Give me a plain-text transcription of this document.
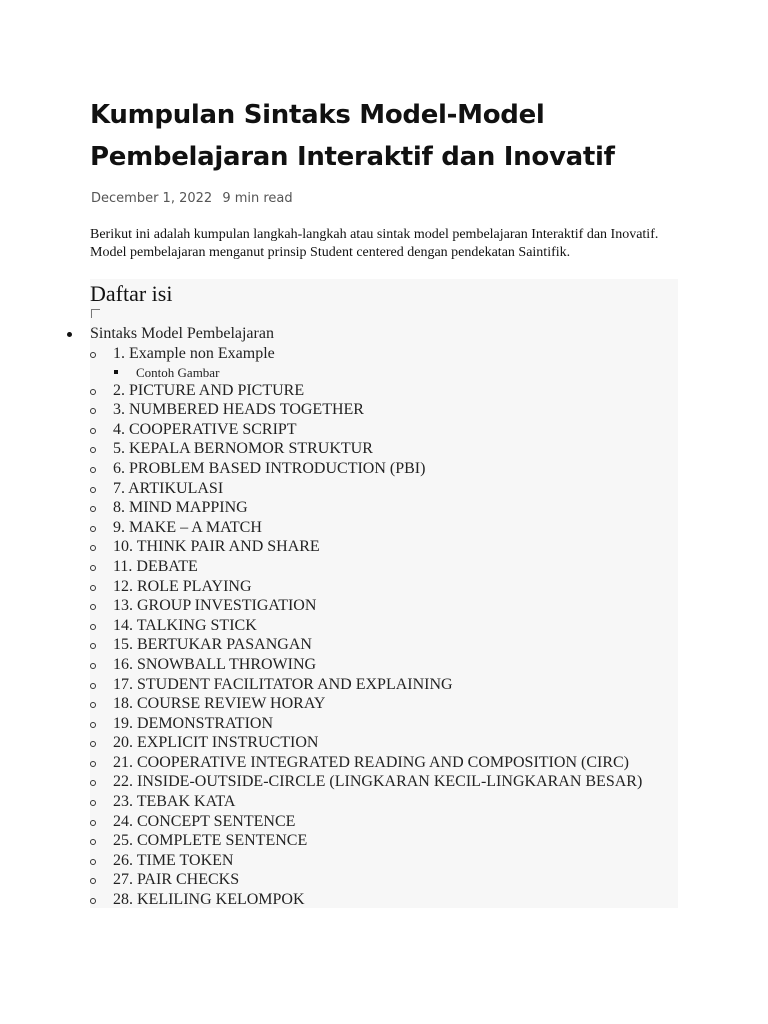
Kumpulan Sintaks Model-Model Pembelajaran Interaktif dan Inovatif
December 1, 2022 9 min read

Berikut ini adalah kumpulan langkah-langkah atau sintak model pembelajaran Interaktif dan Inovatif. Model pembelajaran menganut prinsip Student centered dengan pendekatan Saintifik.

Daftar isi
Sintaks Model Pembelajaran
1. Example non Example
Contoh Gambar
2. PICTURE AND PICTURE
3. NUMBERED HEADS TOGETHER
4. COOPERATIVE SCRIPT
5. KEPALA BERNOMOR STRUKTUR
6. PROBLEM BASED INTRODUCTION (PBI)
7. ARTIKULASI
8. MIND MAPPING
9. MAKE – A MATCH
10. THINK PAIR AND SHARE
11. DEBATE
12. ROLE PLAYING
13. GROUP INVESTIGATION
14. TALKING STICK
15. BERTUKAR PASANGAN
16. SNOWBALL THROWING
17. STUDENT FACILITATOR AND EXPLAINING
18. COURSE REVIEW HORAY
19. DEMONSTRATION
20. EXPLICIT INSTRUCTION
21. COOPERATIVE INTEGRATED READING AND COMPOSITION (CIRC)
22. INSIDE-OUTSIDE-CIRCLE (LINGKARAN KECIL-LINGKARAN BESAR)
23. TEBAK KATA
24. CONCEPT SENTENCE
25. COMPLETE SENTENCE
26. TIME TOKEN
27. PAIR CHECKS
28. KELILING KELOMPOK
